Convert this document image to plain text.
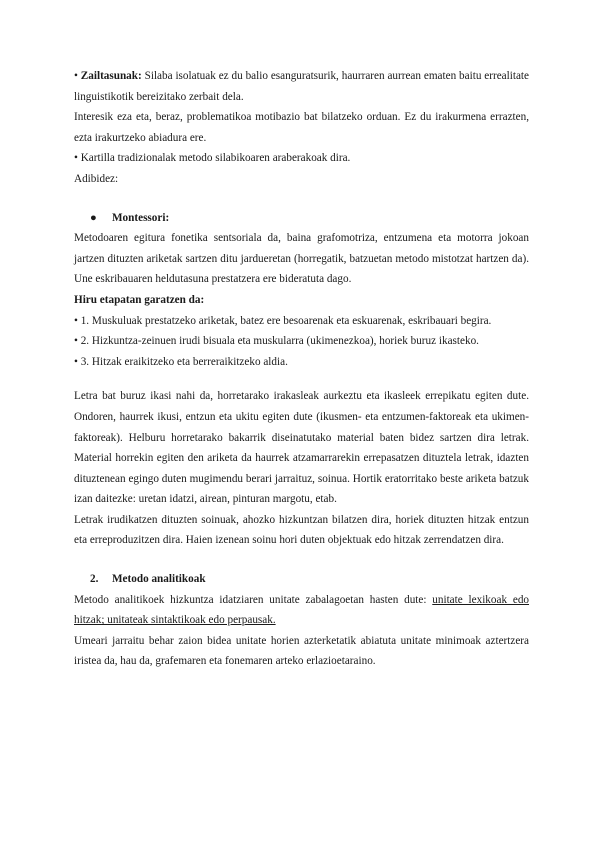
• Zailtasunak: Silaba isolatuak ez du balio esanguratsurik, haurraren aurrean ematen baitu errealitate linguistikotik bereizitako zerbait dela.

Interesik eza eta, beraz, problematikoa motibazio bat bilatzeko orduan. Ez du irakurmena errazten, ezta irakurtzeko abiadura ere.

• Kartilla tradizionalak metodo silabikoaren araberakoak dira.

Adibidez:

● Montessori:

Metodoaren egitura fonetika sentsoriala da, baina grafomotriza, entzumena eta motorra jokoan jartzen dituzten ariketak sartzen ditu jardueretan (horregatik, batzuetan metodo mistotzat hartzen da). Une eskribauaren heldutasuna prestatzera ere bideratuta dago.

Hiru etapatan garatzen da:

• 1. Muskuluak prestatzeko ariketak, batez ere besoarenak eta eskuarenak, eskribauari begira.

• 2. Hizkuntza-zeinuen irudi bisuala eta muskularra (ukimenezkoa), horiek buruz ikasteko.

• 3. Hitzak eraikitzeko eta berreraikitzeko aldia.

Letra bat buruz ikasi nahi da, horretarako irakasleak aurkeztu eta ikasleek errepikatu egiten dute. Ondoren, haurrek ikusi, entzun eta ukitu egiten dute (ikusmen- eta entzumen-faktoreak eta ukimen-faktoreak). Helburu horretarako bakarrik diseinatutako material baten bidez sartzen dira letrak. Material horrekin egiten den ariketa da haurrek atzamarrarekin errepasatzen dituztela letrak, idazten dituztenean egingo duten mugimendu berari jarraituz, soinua. Hortik eratorritako beste ariketa batzuk izan daitezke: uretan idatzi, airean, pinturan margotu, etab.

Letrak irudikatzen dituzten soinuak, ahozko hizkuntzan bilatzen dira, horiek dituzten hitzak entzun eta erreproduzitzen dira. Haien izenean soinu hori duten objektuak edo hitzak zerrendatzen dira.

2. Metodo analitikoak

Metodo analitikoek hizkuntza idatziaren unitate zabalagoetan hasten dute: unitate lexikoak edo hitzak; unitateak sintaktikoak edo perpausak.

Umeari jarraitu behar zaion bidea unitate horien azterketatik abiatuta unitate minimoak aztertzera iristea da, hau da, grafemaren eta fonemaren arteko erlazioetaraino.
